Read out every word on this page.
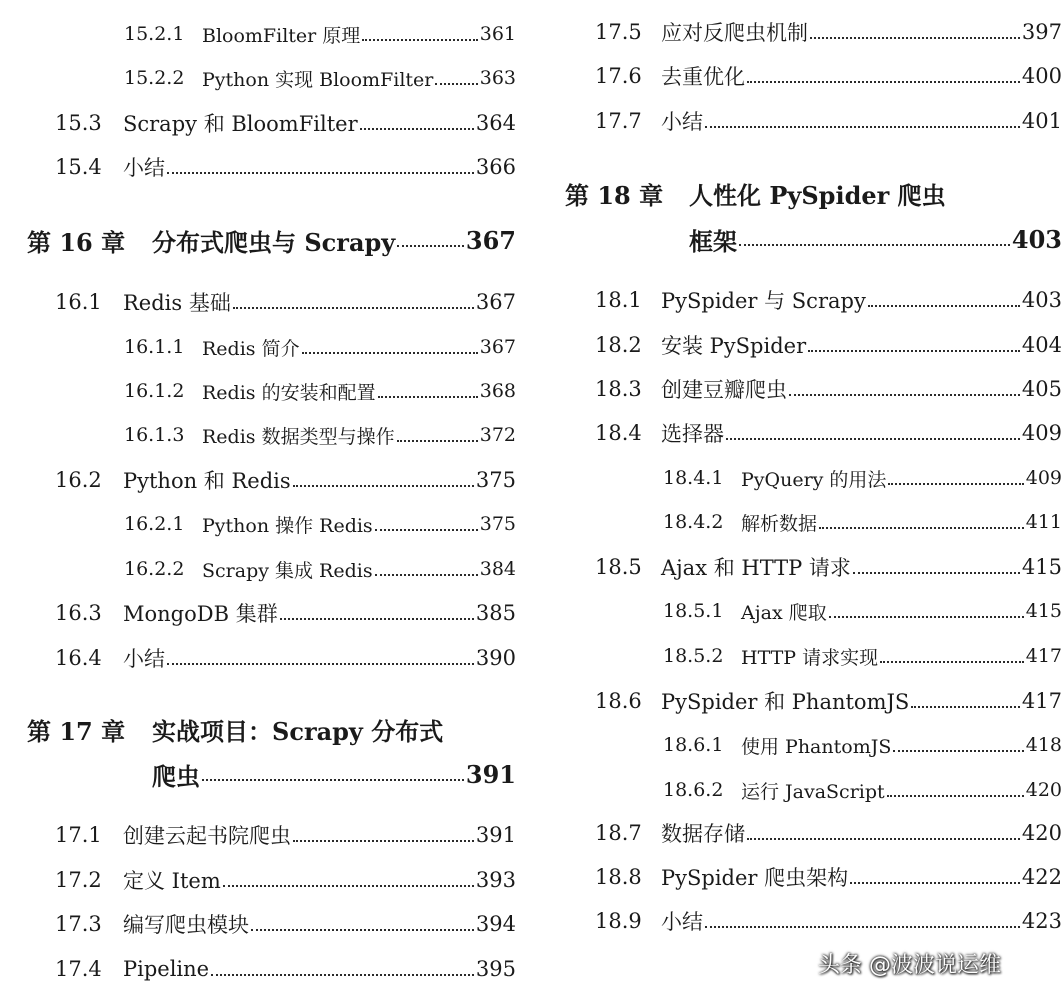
15.2.1 BloomFilter 原理	361
15.2.2 Python 实现 BloomFilter 363
15.3	Scrapy 和 BloomFilter	364
15.4	小结	366
第 16 章	分布式爬虫与 Scrapy	367
16.1	Redis 基础	367
16.1.1 Redis 简介	367
16.1.2 Redis 的安装和配置	368
16.1.3 Redis 数据类型与操作	372
16.2	Python 和 Redis	375
16.2.1 Python 操作 Redis	375
16.2.2 Scrapy 集成 Redis	384
16.3	MongoDB 集群	385
16.4	小结	390
第 17 章	实战项目：Scrapy 分布式
爬虫	391
17.1	创建云起书院爬虫	391
17.2	定义 Item	393
17.3	编写爬虫模块	394
17.4	Pipeline	395
17.5 应对反爬虫机制	397
17.6 去重优化	400
17.7 小结	401
第 18 章	人性化 PySpider 爬虫
框架	403
18.1 PySpider 与 Scrapy	403
18.2 安装 PySpider	404
18.3 创建豆瓣爬虫	405
18.4 选择器	409
18.4.1 PyQuery 的用法	409
18.4.2 解析数据	411
18.5 Ajax 和 HTTP 请求	415
18.5.1 Ajax 爬取	415
18.5.2 HTTP 请求实现	417
18.6 PySpider 和 PhantomJS	417
18.6.1 使用 PhantomJS	418
18.6.2 运行 JavaScript	420
18.7 数据存储	420
18.8 PySpider 爬虫架构	422
18.9 小结	423
头条 @波波说运维
